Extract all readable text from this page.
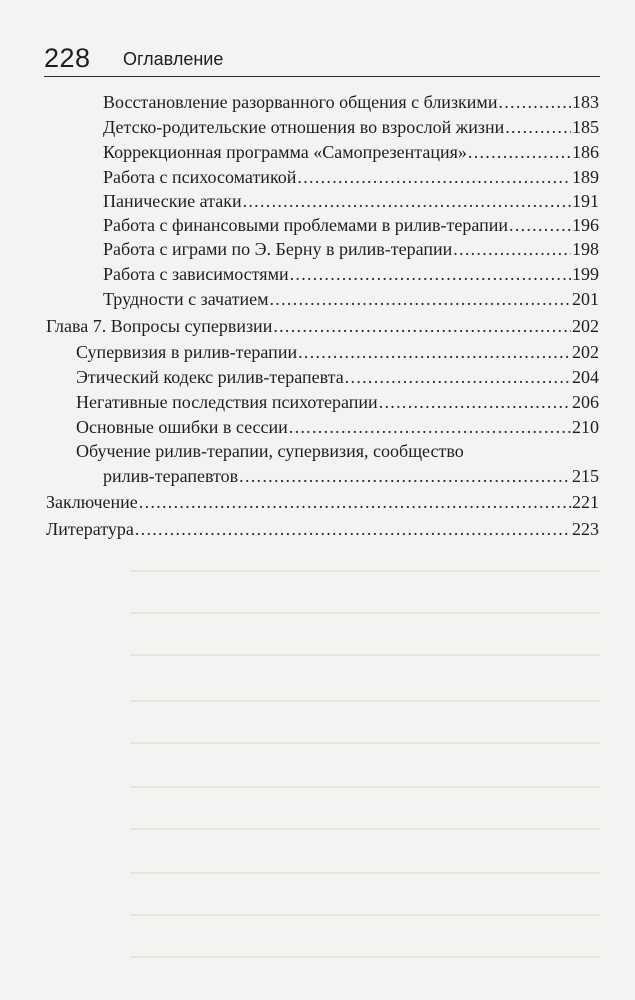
228 Оглавление
Восстановление разорванного общения с близкими . . .	183
Детско-родительские отношения во взрослой жизни . . .	185
Коррекционная программа «Самопрезентация» . . .	186
Работа с психосоматикой . . .	189
Панические атаки . . .	191
Работа с финансовыми проблемами в рилив-терапии . . .	196
Работа с играми по Э. Берну в рилив-терапии . . .	198
Работа с зависимостями . . .	199
Трудности с зачатием . . .	201
Глава 7. Вопросы супервизии . . .	202
Супервизия в рилив-терапии . . .	202
Этический кодекс рилив-терапевта . . .	204
Негативные последствия психотерапии . . .	206
Основные ошибки в сессии . . .	210
Обучение рилив-терапии, супервизия, сообщество
рилив-терапевтов . . .	215
Заключение . . .	221
Литература . . .	223
